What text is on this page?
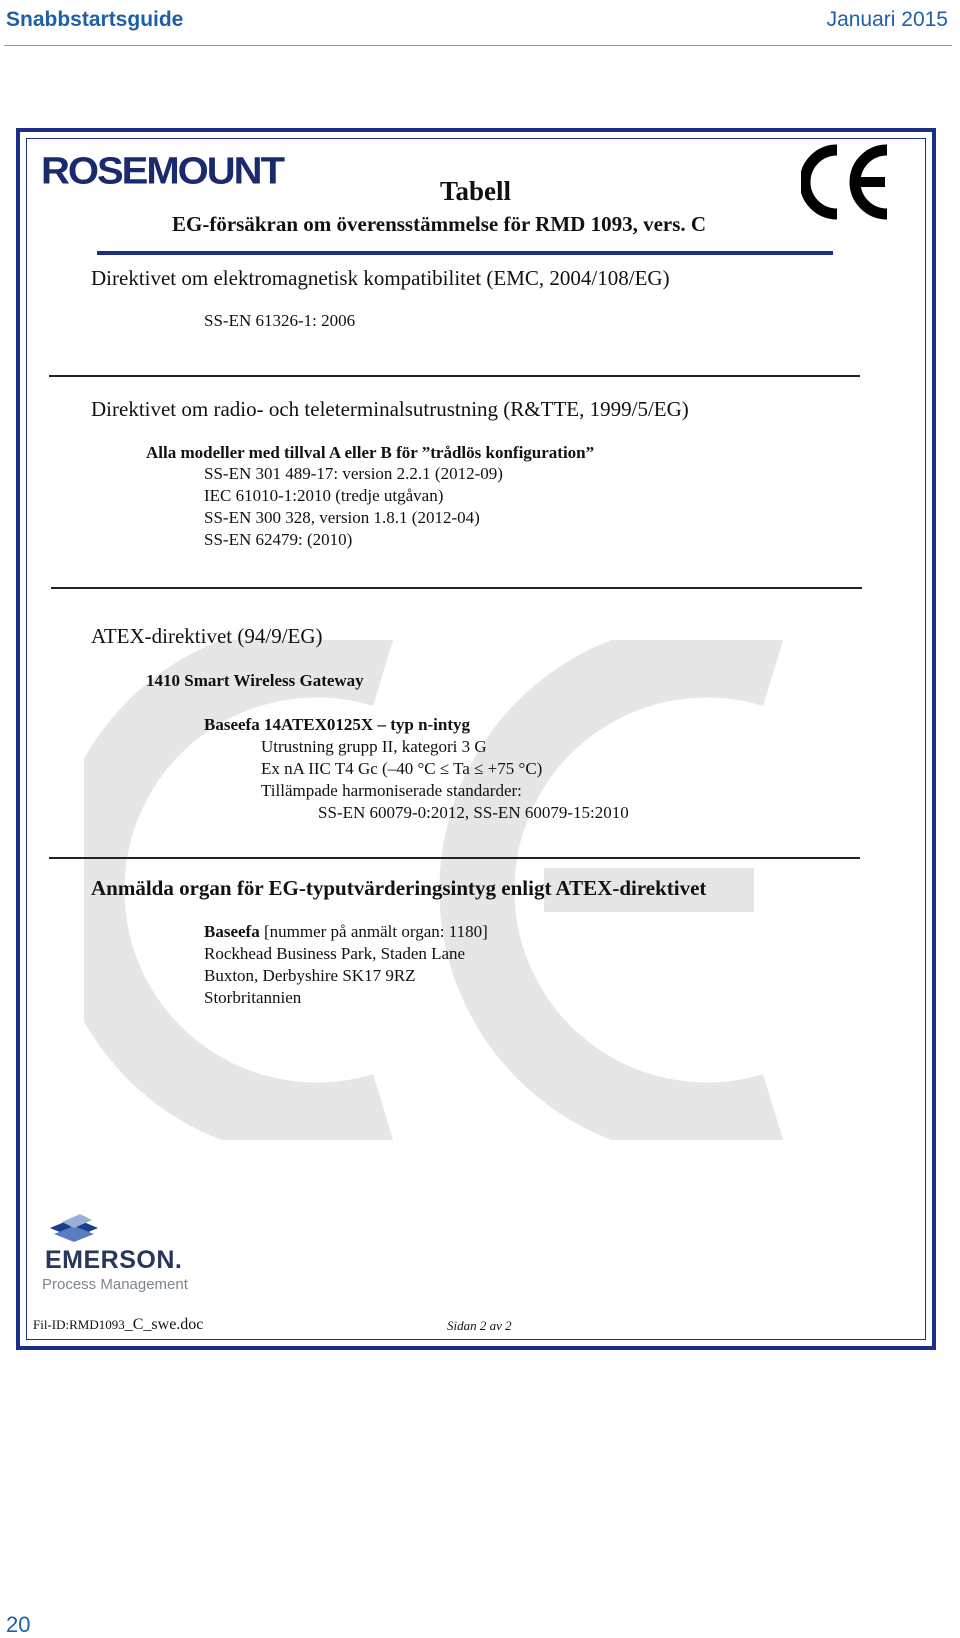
Snabbstartsguide	Januari 2015
ROSEMOUNT	Tabell
EG-försäkran om överensstämmelse för RMD 1093, vers. C
Direktivet om elektromagnetisk kompatibilitet (EMC, 2004/108/EG)
SS-EN 61326-1: 2006
Direktivet om radio- och teleterminalsutrustning (R&TTE, 1999/5/EG)
Alla modeller med tillval A eller B för ”trådlös konfiguration”
SS-EN 301 489-17: version 2.2.1 (2012-09)
IEC 61010-1:2010 (tredje utgåvan)
SS-EN 300 328, version 1.8.1 (2012-04)
SS-EN 62479: (2010)
ATEX-direktivet (94/9/EG)
1410 Smart Wireless Gateway
Baseefa 14ATEX0125X – typ n-intyg
Utrustning grupp II, kategori 3 G
Ex nA IIC T4 Gc (–40 °C ≤ Ta ≤ +75 °C)
Tillämpade harmoniserade standarder:
SS-EN 60079-0:2012, SS-EN 60079-15:2010
Anmälda organ för EG-typutvärderingsintyg enligt ATEX-direktivet
Baseefa [nummer på anmält organ: 1180]
Rockhead Business Park, Staden Lane
Buxton, Derbyshire SK17 9RZ
Storbritannien
EMERSON.
Process Management
Fil-ID:RMD1093_C_swe.doc	Sidan 2 av 2
20
